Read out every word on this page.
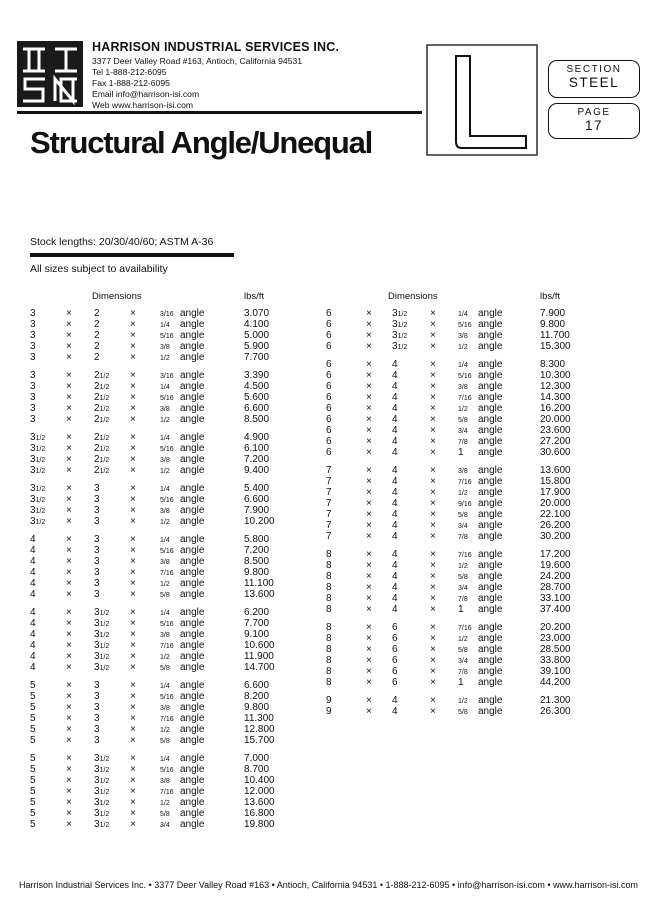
HARRISON INDUSTRIAL SERVICES INC.
3377 Deer Valley Road #163, Antioch, California 94531
Tel 1-888-212-6095
Fax 1-888-212-6095
Email info@harrison-isi.com
Web www.harrison-isi.com
Structural Angle/Unequal
SECTION
STEEL
PAGE
17
Stock lengths: 20/30/40/60; ASTM A-36
All sizes subject to availability
Dimensions	lbs/ft	Dimensions	lbs/ft
3	× 2	×	3/16 angle	3.070
3	× 2	×	1/4 angle	4.100
3	× 2	×	5/16 angle	5.000
3	× 2	×	3/8 angle	5.900
3	× 2	×	1/2 angle	7.700
3	× 21/2 ×	3/16 angle	3.390
3	× 21/2 ×	1/4 angle	4.500
3	× 21/2 ×	5/16 angle	5.600
3	× 21/2 ×	3/8 angle	6.600
3	× 21/2 ×	1/2 angle	8.500
31/2 × 21/2 ×	1/4 angle	4.900
31/2 × 21/2 ×	5/16 angle	6.100
31/2 × 21/2 ×	3/8 angle	7.200
31/2 × 21/2 ×	1/2 angle	9.400
31/2 × 3	×	1/4 angle	5.400
31/2 × 3	×	5/16 angle	6.600
31/2 × 3	×	3/8 angle	7.900
31/2 × 3	×	1/2 angle	10.200
4	× 3	×	1/4 angle	5.800
4	× 3	×	5/16 angle	7.200
4	× 3	×	3/8 angle	8.500
4	× 3	×	7/16 angle	9.800
4	× 3	×	1/2 angle	11.100
4	× 3	×	5/8 angle	13.600
4	× 31/2 ×	1/4 angle	6.200
4	× 31/2 ×	5/16 angle	7.700
4	× 31/2 ×	3/8 angle	9.100
4	× 31/2 ×	7/16 angle	10.600
4	× 31/2 ×	1/2 angle	11.900
4	× 31/2 ×	5/8 angle	14.700
5	× 3	×	1/4 angle	6.600
5	× 3	×	5/16 angle	8.200
5	× 3	×	3/8 angle	9.800
5	× 3	×	7/16 angle	11.300
5	× 3	×	1/2 angle	12.800
5	× 3	×	5/8 angle	15.700
5	× 31/2 ×	1/4 angle	7.000
5	× 31/2 ×	5/16 angle	8.700
5	× 31/2 ×	3/8 angle	10.400
5	× 31/2 ×	7/16 angle	12.000
5	× 31/2 ×	1/2 angle	13.600
5	× 31/2 ×	5/8 angle	16.800
5	× 31/2 ×	3/4 angle	19.800
6	× 31/2 ×	1/4 angle	7.900
6	× 31/2 ×	5/16 angle	9.800
6	× 31/2 ×	3/8 angle	11.700
6	× 31/2 ×	1/2 angle	15.300
6	× 4	×	1/4 angle	8.300
6	× 4	×	5/16 angle	10.300
6	× 4	×	3/8 angle	12.300
6	× 4	×	7/16 angle	14.300
6	× 4	×	1/2 angle	16.200
6	× 4	×	5/8 angle	20.000
6	× 4	×	3/4 angle	23.600
6	× 4	×	7/8 angle	27.200
6	× 4	× 1 angle	30.600
7	× 4	×	3/8 angle	13.600
7	× 4	×	7/16 angle	15.800
7	× 4	×	1/2 angle	17.900
7	× 4	×	9/16 angle	20.000
7	× 4	×	5/8 angle	22.100
7	× 4	×	3/4 angle	26.200
7	× 4	×	7/8 angle	30.200
8	× 4	×	7/16 angle	17.200
8	× 4	×	1/2 angle	19.600
8	× 4	×	5/8 angle	24.200
8	× 4	×	3/4 angle	28.700
8	× 4	×	7/8 angle	33.100
8	× 4	× 1 angle	37.400
8	× 6	×	7/16 angle	20.200
8	× 6	×	1/2 angle	23.000
8	× 6	×	5/8 angle	28.500
8	× 6	×	3/4 angle	33.800
8	× 6	×	7/8 angle	39.100
8	× 6	× 1 angle	44.200
9	× 4	×	1/2 angle	21.300
9	× 4	×	5/8 angle	26.300
Harrison Industrial Services Inc. • 3377 Deer Valley Road #163 • Antioch, California 94531 • 1-888-212-6095 • info@harrison-isi.com • www.harrison-isi.com
